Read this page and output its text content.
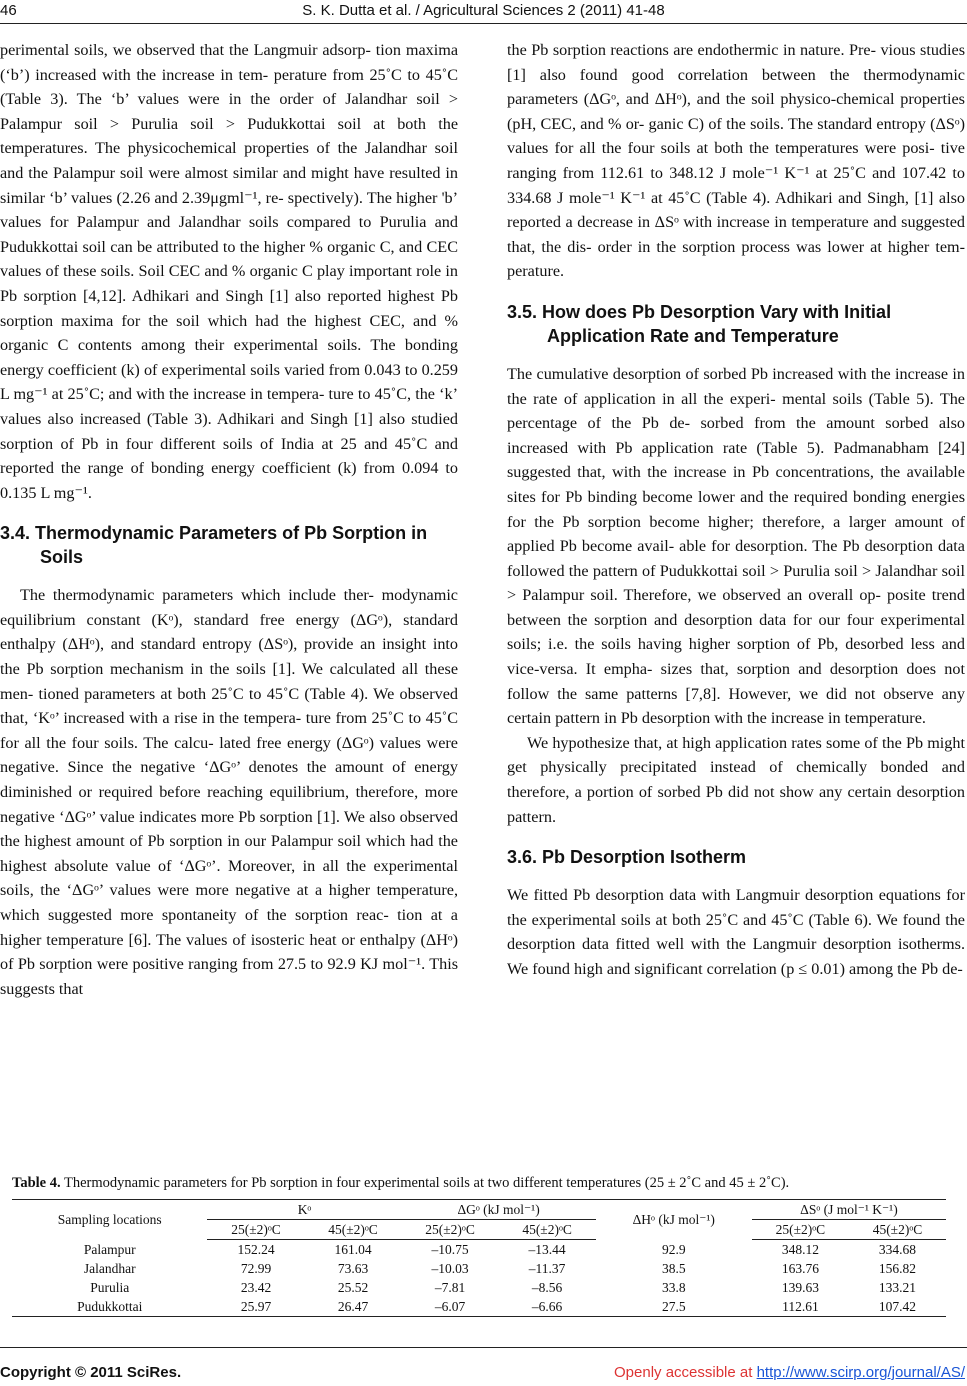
46	S. K. Dutta et al. / Agricultural Sciences 2 (2011) 41-48

perimental soils, we observed that the Langmuir adsorp- tion maxima (‘b’) increased with the increase in tem- perature from 25˚C to 45˚C (Table 3). The ‘b’ values were in the order of Jalandhar soil > Palampur soil > Purulia soil > Pudukkottai soil at both the temperatures. The physicochemical properties of the Jalandhar soil and the Palampur soil were almost similar and might have resulted in similar ‘b’ values (2.26 and 2.39μgml⁻¹, re- spectively). The higher 'b’ values for Palampur and Jalandhar soils compared to Purulia and Pudukkottai soil can be attributed to the higher % organic C, and CEC values of these soils. Soil CEC and % organic C play important role in Pb sorption [4,12]. Adhikari and Singh [1] also reported highest Pb sorption maxima for the soil which had the highest CEC, and % organic C contents among their experimental soils. The bonding energy coefficient (k) of experimental soils varied from 0.043 to 0.259 L mg⁻¹ at 25˚C; and with the increase in tempera- ture to 45˚C, the ‘k’ values also increased (Table 3). Adhikari and Singh [1] also studied sorption of Pb in four different soils of India at 25 and 45˚C and reported the range of bonding energy coefficient (k) from 0.094 to 0.135 L mg⁻¹.

3.4. Thermodynamic Parameters of Pb Sorption in Soils

The thermodynamic parameters which include ther- modynamic equilibrium constant (Kᵒ), standard free energy (ΔGᵒ), standard enthalpy (ΔHᵒ), and standard entropy (ΔSᵒ), provide an insight into the Pb sorption mechanism in the soils [1]. We calculated all these men- tioned parameters at both 25˚C to 45˚C (Table 4). We observed that, ‘Kᵒ’ increased with a rise in the tempera- ture from 25˚C to 45˚C for all the four soils. The calcu- lated free energy (ΔGᵒ) values were negative. Since the negative ‘ΔGᵒ’ denotes the amount of energy diminished or required before reaching equilibrium, therefore, more negative ‘ΔGᵒ’ value indicates more Pb sorption [1]. We also observed the highest amount of Pb sorption in our Palampur soil which had the highest absolute value of ‘ΔGᵒ’. Moreover, in all the experimental soils, the ‘ΔGᵒ’ values were more negative at a higher temperature, which suggested more spontaneity of the sorption reac- tion at a higher temperature [6]. The values of isosteric heat or enthalpy (ΔHᵒ) of Pb sorption were positive ranging from 27.5 to 92.9 KJ mol⁻¹. This suggests that

the Pb sorption reactions are endothermic in nature. Pre- vious studies [1] also found good correlation between the thermodynamic parameters (ΔGᵒ, and ΔHᵒ), and the soil physico-chemical properties (pH, CEC, and % or- ganic C) of the soils. The standard entropy (ΔSᵒ) values for all the four soils at both the temperatures were posi- tive ranging from 112.61 to 348.12 J mole⁻¹ K⁻¹ at 25˚C and 107.42 to 334.68 J mole⁻¹ K⁻¹ at 45˚C (Table 4). Adhikari and Singh, [1] also reported a decrease in ΔSᵒ with increase in temperature and suggested that, the dis- order in the sorption process was lower at higher tem- perature.

3.5. How does Pb Desorption Vary with Initial Application Rate and Temperature

The cumulative desorption of sorbed Pb increased with the increase in the rate of application in all the experi- mental soils (Table 5). The percentage of the Pb de- sorbed from the amount sorbed also increased with Pb application rate (Table 5). Padmanabham [24] suggested that, with the increase in Pb concentrations, the available sites for Pb binding become lower and the required bonding energies for the Pb sorption become higher; therefore, a larger amount of applied Pb become avail- able for desorption. The Pb desorption data followed the pattern of Pudukkottai soil > Purulia soil > Jalandhar soil > Palampur soil. Therefore, we observed an overall op- posite trend between the sorption and desorption data for our four experimental soils; i.e. the soils having higher sorption of Pb, desorbed less and vice-versa. It empha- sizes that, sorption and desorption does not follow the same patterns [7,8]. However, we did not observe any certain pattern in Pb desorption with the increase in temperature.

We hypothesize that, at high application rates some of the Pb might get physically precipitated instead of chemically bonded and therefore, a portion of sorbed Pb did not show any certain desorption pattern.

3.6. Pb Desorption Isotherm

We fitted Pb desorption data with Langmuir desorption equations for the experimental soils at both 25˚C and 45˚C (Table 6). We found the desorption data fitted well with the Langmuir desorption isotherms. We found high and significant correlation (p ≤ 0.01) among the Pb de-

Table 4. Thermodynamic parameters for Pb sorption in four experimental soils at two different temperatures (25 ± 2˚C and 45 ± 2˚C).
Sampling locations	Kᵒ		ΔGᵒ (kJ mol⁻¹)		ΔHᵒ (kJ mol⁻¹)	ΔSᵒ (J mol⁻¹ K⁻¹)	
	25(±2)ᵒC	45(±2)ᵒC	25(±2)ᵒC	45(±2)ᵒC		25(±2)ᵒC	45(±2)ᵒC
Palampur	152.24	161.04	–10.75	–13.44	92.9	348.12	334.68
Jalandhar	72.99	73.63	–10.03	–11.37	38.5	163.76	156.82
Purulia	23.42	25.52	–7.81	–8.56	33.8	139.63	133.21
Pudukkottai	25.97	26.47	–6.07	–6.66	27.5	112.61	107.42
Copyright © 2011 SciRes.	Openly accessible at http://www.scirp.org/journal/AS/
